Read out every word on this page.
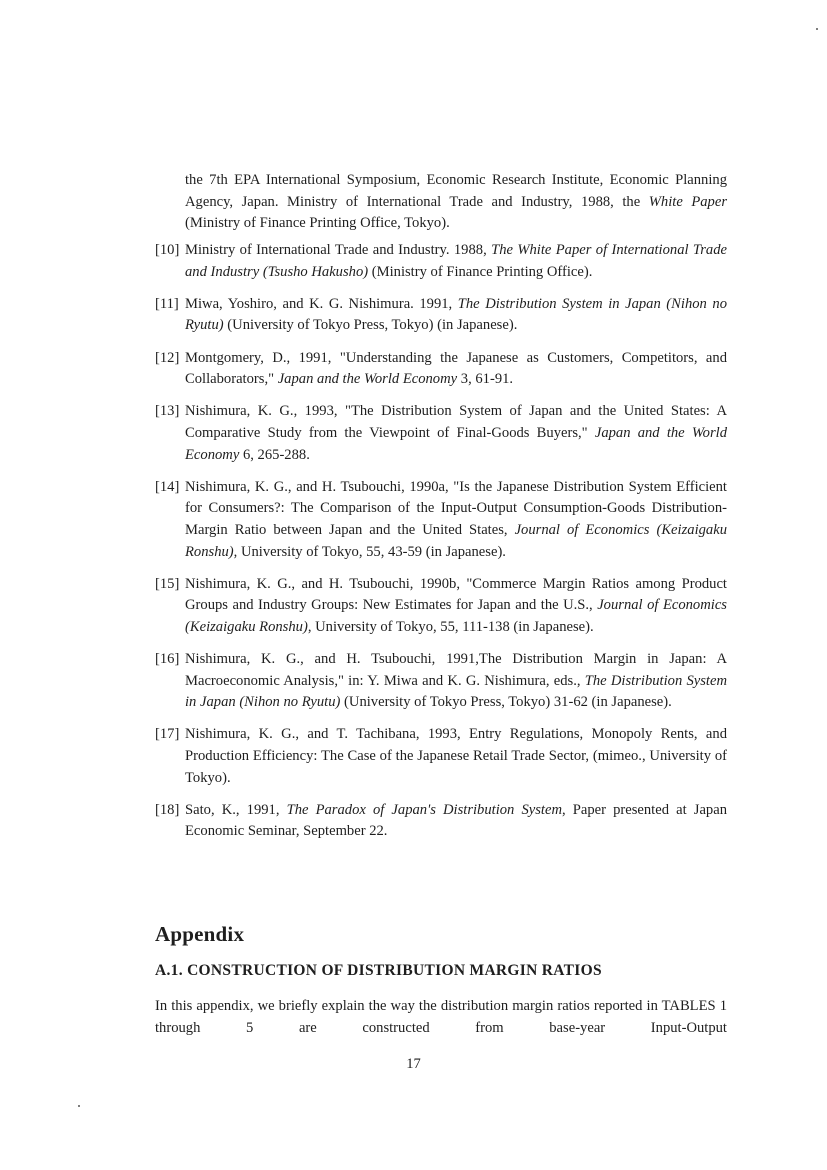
the 7th EPA International Symposium, Economic Research Institute, Economic Planning Agency, Japan. Ministry of International Trade and Industry, 1988, the White Paper (Ministry of Finance Printing Office, Tokyo).

[10] Ministry of International Trade and Industry. 1988, The White Paper of International Trade and Industry (Tsusho Hakusho) (Ministry of Finance Printing Office).
[11] Miwa, Yoshiro, and K. G. Nishimura. 1991, The Distribution System in Japan (Nihon no Ryutu) (University of Tokyo Press, Tokyo) (in Japanese).
[12] Montgomery, D., 1991, "Understanding the Japanese as Customers, Competitors, and Collaborators," Japan and the World Economy 3, 61-91.
[13] Nishimura, K. G., 1993, "The Distribution System of Japan and the United States: A Comparative Study from the Viewpoint of Final-Goods Buyers," Japan and the World Economy 6, 265-288.
[14] Nishimura, K. G., and H. Tsubouchi, 1990a, "Is the Japanese Distribution System Efficient for Consumers?: The Comparison of the Input-Output Consumption-Goods Distribution-Margin Ratio between Japan and the United States, Journal of Economics (Keizaigaku Ronshu), University of Tokyo, 55, 43-59 (in Japanese).
[15] Nishimura, K. G., and H. Tsubouchi, 1990b, "Commerce Margin Ratios among Product Groups and Industry Groups: New Estimates for Japan and the U.S., Journal of Economics (Keizaigaku Ronshu), University of Tokyo, 55, 111-138 (in Japanese).
[16] Nishimura, K. G., and H. Tsubouchi, 1991,The Distribution Margin in Japan: A Macroeconomic Analysis," in: Y. Miwa and K. G. Nishimura, eds., The Distribution System in Japan (Nihon no Ryutu) (University of Tokyo Press, Tokyo) 31-62 (in Japanese).
[17] Nishimura, K. G., and T. Tachibana, 1993, Entry Regulations, Monopoly Rents, and Production Efficiency: The Case of the Japanese Retail Trade Sector, (mimeo., University of Tokyo).
[18] Sato, K., 1991, The Paradox of Japan's Distribution System, Paper presented at Japan Economic Seminar, September 22.
Appendix
A.1. CONSTRUCTION OF DISTRIBUTION MARGIN RATIOS

In this appendix, we briefly explain the way the distribution margin ratios reported in TABLES 1 through 5 are constructed from base-year Input-Output

17
